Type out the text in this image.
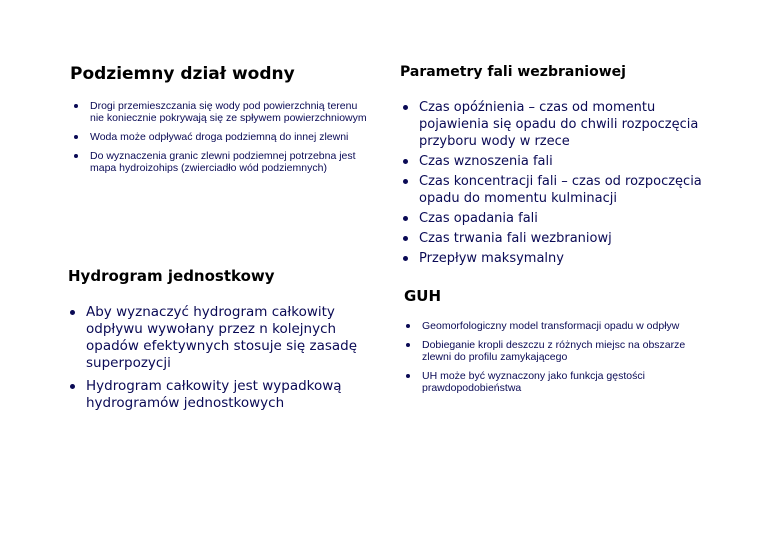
Podziemny dział wodny
Drogi przemieszczania się wody pod powierzchnią terenu nie koniecznie pokrywają się ze spływem powierzchniowym
Woda może odpływać droga podziemną do innej zlewni
Do wyznaczenia granic zlewni podziemnej potrzebna jest mapa hydroizohips (zwierciadło wód podziemnych)
Hydrogram jednostkowy
Aby wyznaczyć hydrogram całkowity odpływu wywołany przez n kolejnych opadów efektywnych stosuje się zasadę superpozycji
Hydrogram całkowity jest wypadkową hydrogramów jednostkowych
Parametry fali wezbraniowej
Czas opóźnienia – czas od momentu pojawienia się opadu do chwili rozpoczęcia przyboru wody w rzece
Czas wznoszenia fali
Czas koncentracji fali – czas od rozpoczęcia opadu do momentu kulminacji
Czas opadania fali
Czas trwania fali wezbraniowj
Przepływ maksymalny
GUH
Geomorfologiczny model transformacji opadu w odpływ
Dobieganie kropli deszczu z różnych miejsc na obszarze zlewni do profilu zamykającego
UH może być wyznaczony jako funkcja gęstości prawdopodobieństwa
